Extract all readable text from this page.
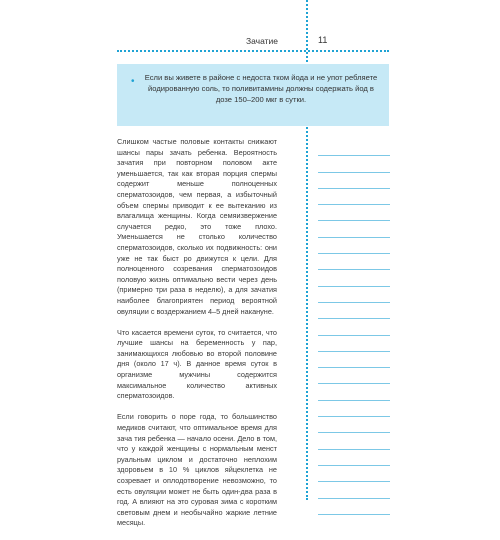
Зачатие	11
• Если вы живете в районе с недоста тком йода и не упот ребляете йодированную соль, то поливитамины должны содержать йод в дозе 150–200 мкг в сутки.

Слишком частые половые контакты снижают шансы пары зачать ребенка. Вероятность зачатия при повторном половом акте уменьшается, так как вторая порция спермы содержит меньше полноценных сперматозоидов, чем первая, а избыточный объем спермы приводит к ее вытеканию из влагалища женщины. Когда семяизвержение случается редко, это тоже плохо. Уменьшается не столько количество сперматозоидов, сколько их подвижность: они уже не так быст ро движутся к цели. Для полноценного созревания сперматозоидов половую жизнь оптимально вести через день (примерно три раза в неделю), а для зачатия наиболее благоприятен период вероятной овуляции с воздержанием 4–5 дней накануне.

Что касается времени суток, то считается, что лучшие шансы на беременность у пар, занимающихся любовью во второй половине дня (около 17 ч). В данное время суток в организме мужчины содержится максимальное количество активных сперматозоидов.

Если говорить о поре года, то большинство медиков считают, что оптимальное время для зача тия ребенка — начало осени. Дело в том, что у каждой женщины с нормальным менст руальным циклом и достаточно неплохим здоровьем в 10 % циклов яйцеклетка не созревает и оплодотворение невозможно, то есть овуляции может не быть один-два раза в год. А влияют на это суровая зима с коротким световым днем и необычайно жаркие летние месяцы.
